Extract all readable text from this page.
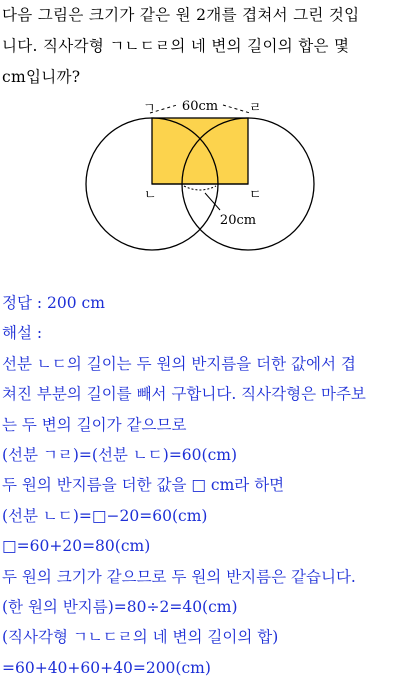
다음 그림은 크기가 같은 원 2개를 겹쳐서 그린 것입
니다. 직사각형 ㄱㄴㄷㄹ의 네 변의 길이의 합은 몇
cm입니까?
ㄱ	ㄹ
ㄴ	ㄷ
60cm
20cm
정답 : 200 cm
해설 :
선분 ㄴㄷ의 길이는 두 원의 반지름을 더한 값에서 겹
쳐진 부분의 길이를 빼서 구합니다. 직사각형은 마주보
는 두 변의 길이가 같으므로
(선분 ㄱㄹ)=(선분 ㄴㄷ)=60(cm)
두 원의 반지름을 더한 값을 □ cm라 하면
(선분 ㄴㄷ)=□−20=60(cm)
□=60+20=80(cm)
두 원의 크기가 같으므로 두 원의 반지름은 같습니다.
(한 원의 반지름)=80÷2=40(cm)
(직사각형 ㄱㄴㄷㄹ의 네 변의 길이의 합)
=60+40+60+40=200(cm)
